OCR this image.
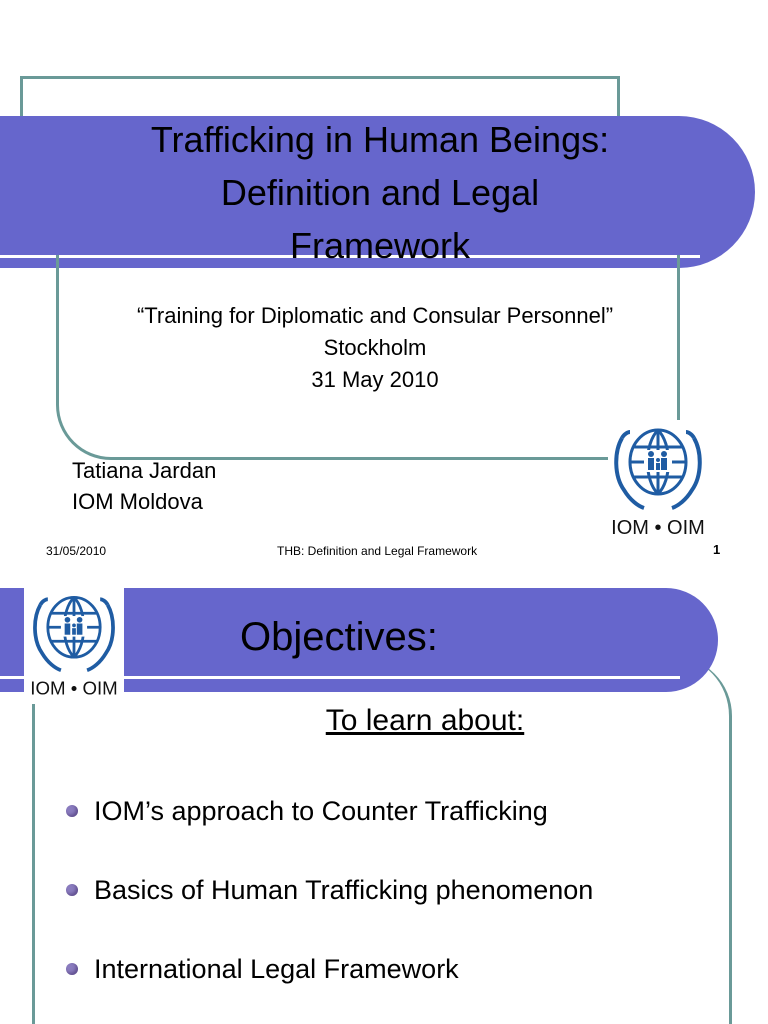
Trafficking in Human Beings:
Definition and Legal
Framework
“Training for Diplomatic and Consular Personnel”
Stockholm
31 May 2010
Tatiana Jardan
IOM Moldova
IOM • OIM
31/05/2010	THB: Definition and Legal Framework	1
IOM • OIM
Objectives:
To learn about:
IOM’s approach to Counter Trafficking
Basics of Human Trafficking phenomenon
International Legal Framework
